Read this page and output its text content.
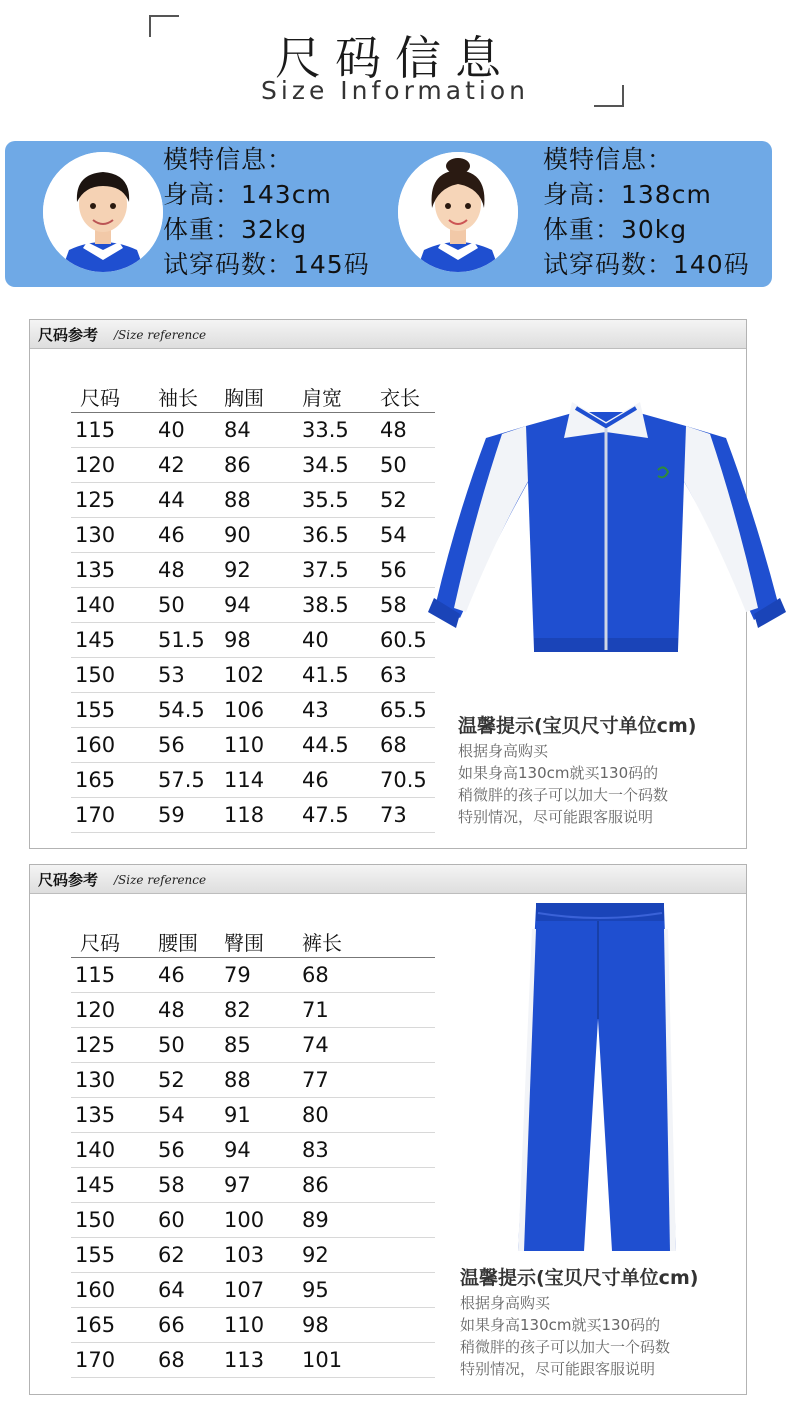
尺码信息
Size Information
模特信息：
身高：143cm
体重：32kg
试穿码数：145码
模特信息：
身高：138cm
体重：30kg
试穿码数：140码
尺码参考 /Size reference
尺码	袖长	胸围	肩宽	衣长
115	40	84	33.5	48
120	42	86	34.5	50
125	44	88	35.5	52
130	46	90	36.5	54
135	48	92	37.5	56
140	50	94	38.5	58
145	51.5	98	40	60.5
150	53	102	41.5	63
155	54.5	106	43	65.5
160	56	110	44.5	68
165	57.5	114	46	70.5
170	59	118	47.5	73
温馨提示(宝贝尺寸单位cm)
根据身高购买
如果身高130cm就买130码的
稍微胖的孩子可以加大一个码数
特别情况，尽可能跟客服说明
尺码参考 /Size reference
尺码	腰围	臀围	裤长
115	46	79	68
120	48	82	71
125	50	85	74
130	52	88	77
135	54	91	80
140	56	94	83
145	58	97	86
150	60	100	89
155	62	103	92
160	64	107	95
165	66	110	98
170	68	113	101
温馨提示(宝贝尺寸单位cm)
根据身高购买
如果身高130cm就买130码的
稍微胖的孩子可以加大一个码数
特别情况，尽可能跟客服说明
